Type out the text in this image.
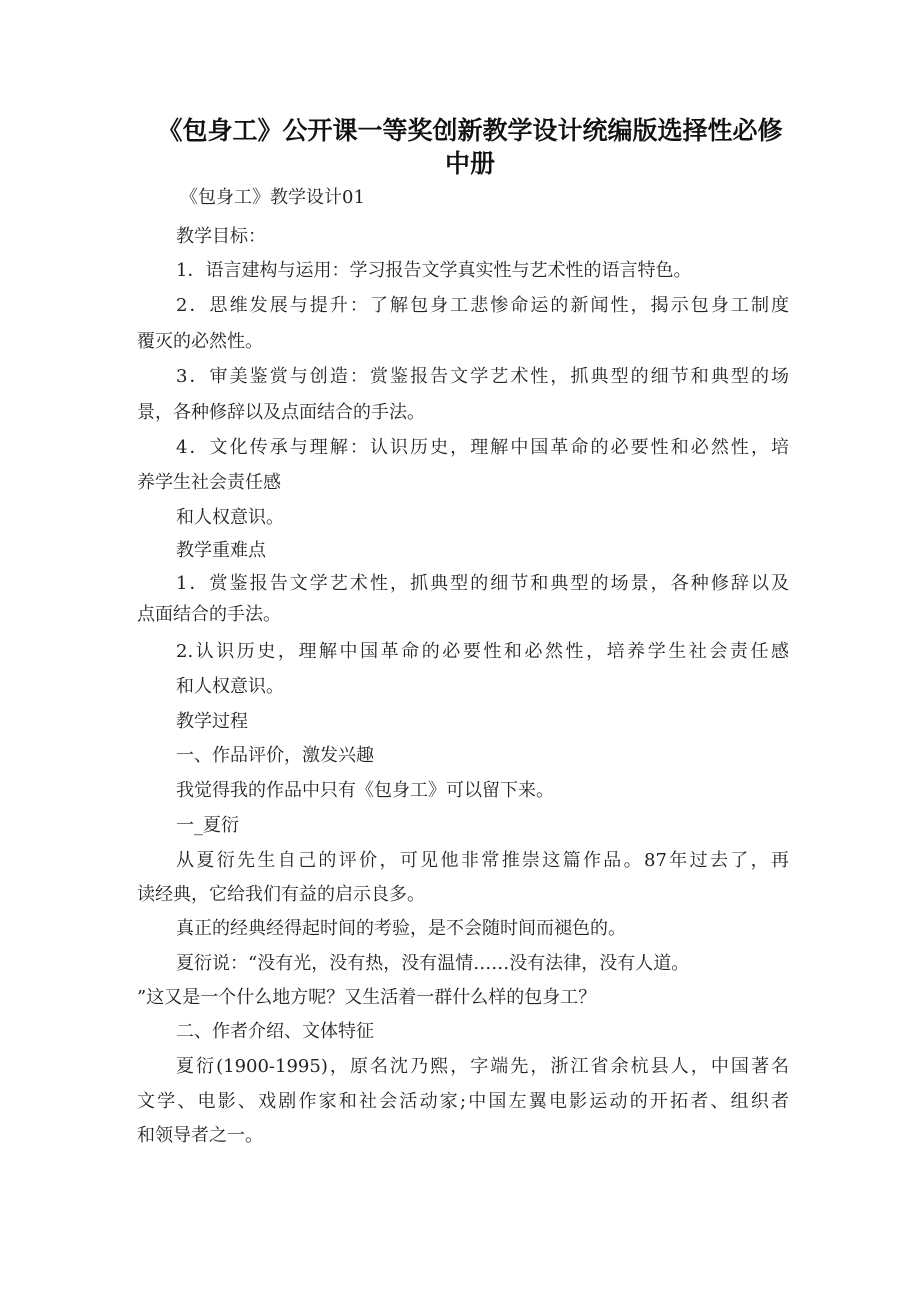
《包身工》公开课一等奖创新教学设计统编版选择性必修
中册

《包身工》教学设计01

教学目标：

1．语言建构与运用：学习报告文学真实性与艺术性的语言特色。

2．思维发展与提升：了解包身工悲惨命运的新闻性，揭示包身工制度

覆灭的必然性。

3．审美鉴赏与创造：赏鉴报告文学艺术性，抓典型的细节和典型的场

景，各种修辞以及点面结合的手法。

4．文化传承与理解：认识历史，理解中国革命的必要性和必然性，培

养学生社会责任感

和人权意识。

教学重难点

1．赏鉴报告文学艺术性，抓典型的细节和典型的场景，各种修辞以及

点面结合的手法。

2.认识历史，理解中国革命的必要性和必然性，培养学生社会责任感

和人权意识。

教学过程

一、作品评价，激发兴趣

我觉得我的作品中只有《包身工》可以留下来。

一_夏衍

从夏衍先生自己的评价，可见他非常推崇这篇作品。87年过去了，再

读经典，它给我们有益的启示良多。

真正的经典经得起时间的考验，是不会随时间而褪色的。

夏衍说：“没有光，没有热，没有温情……没有法律，没有人道。

”这又是一个什么地方呢？又生活着一群什么样的包身工？

二、作者介绍、文体特征

夏衍(1900-1995)，原名沈乃熙，字端先，浙江省余杭县人，中国著名

文学、电影、戏剧作家和社会活动家;中国左翼电影运动的开拓者、组织者

和领导者之一。
